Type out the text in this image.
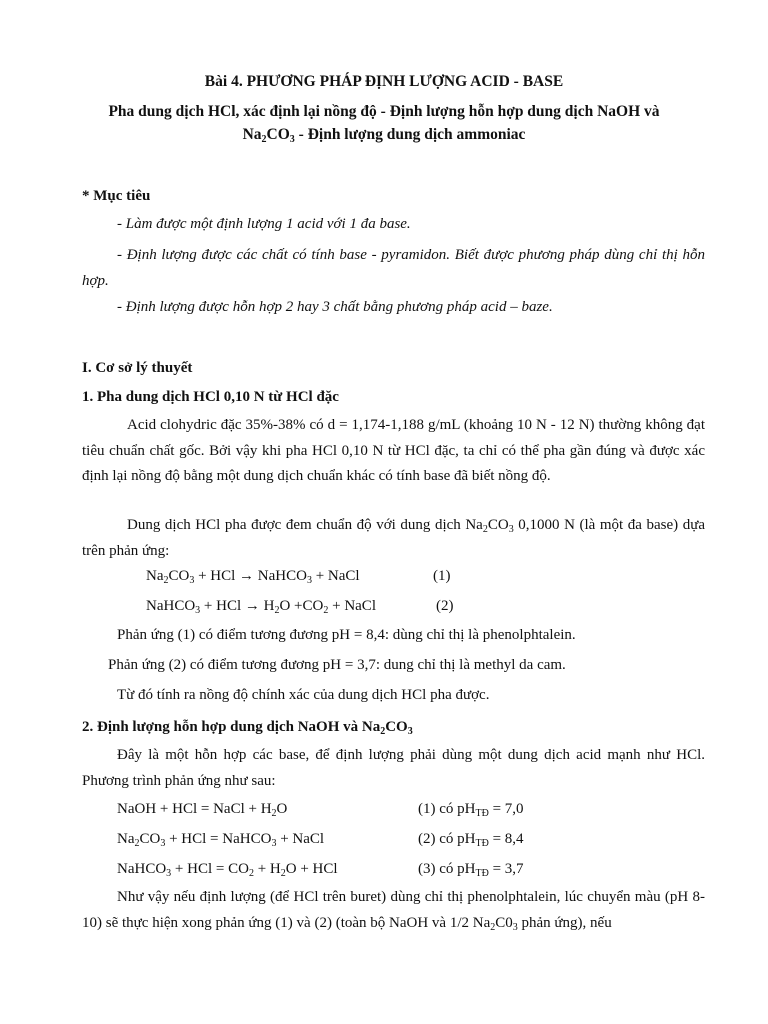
Bài 4. PHƯƠNG PHÁP ĐỊNH LƯỢNG ACID - BASE
Pha dung dịch HCl, xác định lại nồng độ - Định lượng hỗn hợp dung dịch NaOH và
$Na_2CO_3$ - Định lượng dung dịch ammoniac
* Mục tiêu
- Làm được một định lượng 1 acid với 1 đa base.
- Định lượng được các chất có tính base - pyramidon. Biết được phương pháp dùng chỉ thị hỗn hợp.
- Định lượng được hỗn hợp 2 hay 3 chất bằng phương pháp acid – baze.
I. Cơ sở lý thuyết
1. Pha dung dịch HCl 0,10 N từ HCl đặc
Acid clohydric đặc 35%-38% có d = 1,174-1,188 g/mL (khoảng 10 N - 12 N) thường không đạt tiêu chuẩn chất gốc. Bởi vậy khi pha HCl 0,10 N từ HCl đặc, ta chỉ có thể pha gần đúng và được xác định lại nồng độ bằng một dung dịch chuẩn khác có tính base đã biết nồng độ.
Dung dịch HCl pha được đem chuẩn độ với dung dịch $Na_2CO_3$ 0,1000 N (là một đa base) dựa trên phản ứng:
$Na_2CO_3$ + HCl → NaHCO$_3$ + NaCl	(1)
NaHCO$_3$ + HCl → $H_2O +CO_2$ + NaCl	(2)
Phản ứng (1) có điểm tương đương pH = 8,4: dùng chỉ thị là phenolphtalein.
Phản ứng (2) có điểm tương đương pH = 3,7: dung chỉ thị là methyl da cam.
Từ đó tính ra nồng độ chính xác của dung dịch HCl pha được.
2. Định lượng hỗn hợp dung dịch NaOH và $Na_2CO_3$
Đây là một hỗn hợp các base, để định lượng phải dùng một dung dịch acid mạnh như HCl. Phương trình phản ứng như sau:
NaOH + HCl = NaCl + $H_2O$	(1) có $pH_{TĐ} = 7,0$
$Na_2CO_3$ + HCl = NaHCO$_3$ + NaCl	(2) có $pH_{TĐ} = 8,4$
NaHCO$_3$ + HCl = $CO_2 + H_2O$ + HCl	(3) có $pH_{TĐ} = 3,7$
Như vậy nếu định lượng (để HCl trên buret) dùng chỉ thị phenolphtalein, lúc chuyển màu (pH 8-10) sẽ thực hiện xong phản ứng (1) và (2) (toàn bộ NaOH và 1/2 $Na_2C0_3$ phản ứng), nếu
